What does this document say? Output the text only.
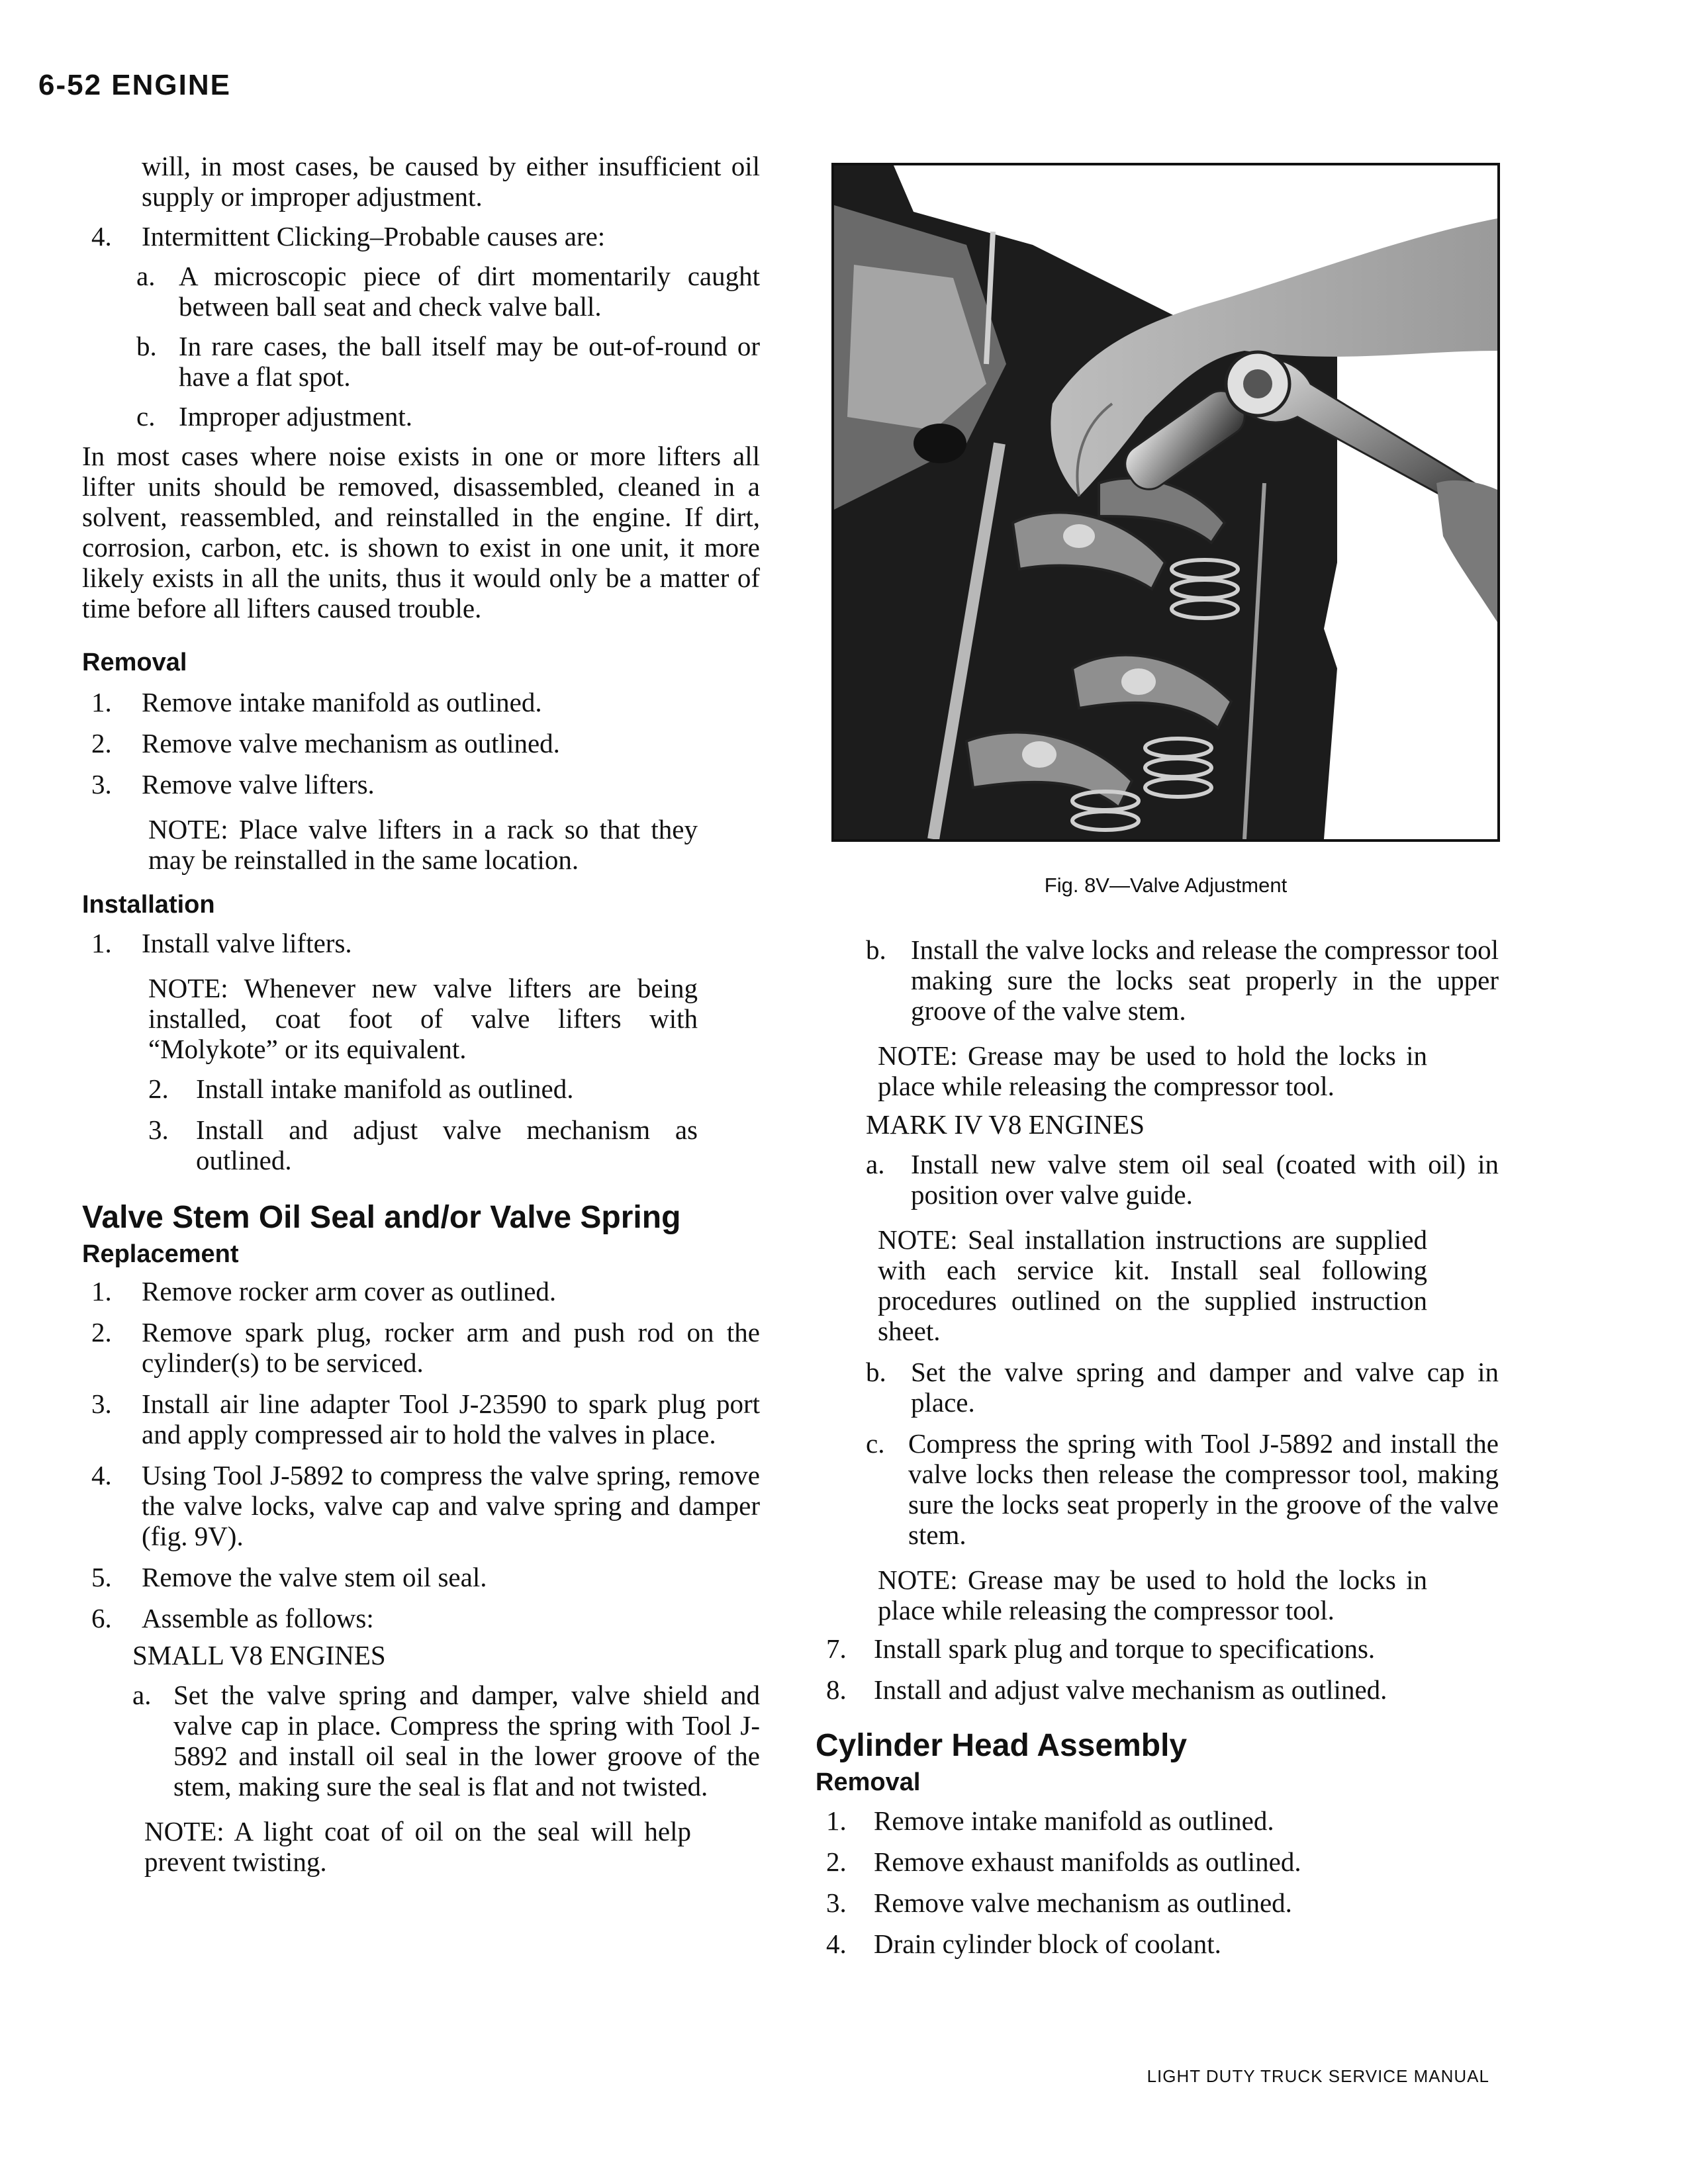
6-52 ENGINE

will, in most cases, be caused by either insufficient oil supply or improper adjustment.

4.	Intermittent Clicking–Probable causes are:
a. A microscopic piece of dirt momentarily caught between ball seat and check valve ball.
b. In rare cases, the ball itself may be out-of-round or have a flat spot.
c. Improper adjustment.

In most cases where noise exists in one or more lifters all lifter units should be removed, disassembled, cleaned in a solvent, reassembled, and reinstalled in the engine. If dirt, corrosion, carbon, etc. is shown to exist in one unit, it more likely exists in all the units, thus it would only be a matter of time before all lifters caused trouble.

Removal
1.	Remove intake manifold as outlined.
2.	Remove valve mechanism as outlined.
3.	Remove valve lifters.

NOTE: Place valve lifters in a rack so that they may be reinstalled in the same location.

Installation
1.	Install valve lifters.

NOTE: Whenever new valve lifters are being installed, coat foot of valve lifters with “Molykote” or its equivalent.

2.	Install intake manifold as outlined.
3.	Install and adjust valve mechanism as outlined.
Valve Stem Oil Seal and/or Valve Spring
Replacement
1.	Remove rocker arm cover as outlined.
2.	Remove spark plug, rocker arm and push rod on the cylinder(s) to be serviced.
3.	Install air line adapter Tool J-23590 to spark plug port and apply compressed air to hold the valves in place.
4.	Using Tool J-5892 to compress the valve spring, remove the valve locks, valve cap and valve spring and damper (fig. 9V).
5.	Remove the valve stem oil seal.
6.	Assemble as follows:

SMALL V8 ENGINES

a. Set the valve spring and damper, valve shield and valve cap in place. Compress the spring with Tool J-5892 and install oil seal in the lower groove of the stem, making sure the seal is flat and not twisted.

NOTE: A light coat of oil on the seal will help prevent twisting.

Fig. 8V—Valve Adjustment
b. Install the valve locks and release the compressor tool making sure the locks seat properly in the upper groove of the valve stem.

NOTE: Grease may be used to hold the locks in place while releasing the compressor tool.

MARK IV V8 ENGINES

a. Install new valve stem oil seal (coated with oil) in position over valve guide.

NOTE: Seal installation instructions are supplied with each service kit. Install seal following procedures outlined on the supplied instruction sheet.

b. Set the valve spring and damper and valve cap in place.
c. Compress the spring with Tool J-5892 and install the valve locks then release the compressor tool, making sure the locks seat properly in the groove of the valve stem.

NOTE: Grease may be used to hold the locks in place while releasing the compressor tool.

7.	Install spark plug and torque to specifications.
8.	Install and adjust valve mechanism as outlined.
Cylinder Head Assembly
Removal
1.	Remove intake manifold as outlined.
2.	Remove exhaust manifolds as outlined.
3.	Remove valve mechanism as outlined.
4.	Drain cylinder block of coolant.
LIGHT DUTY TRUCK SERVICE MANUAL
